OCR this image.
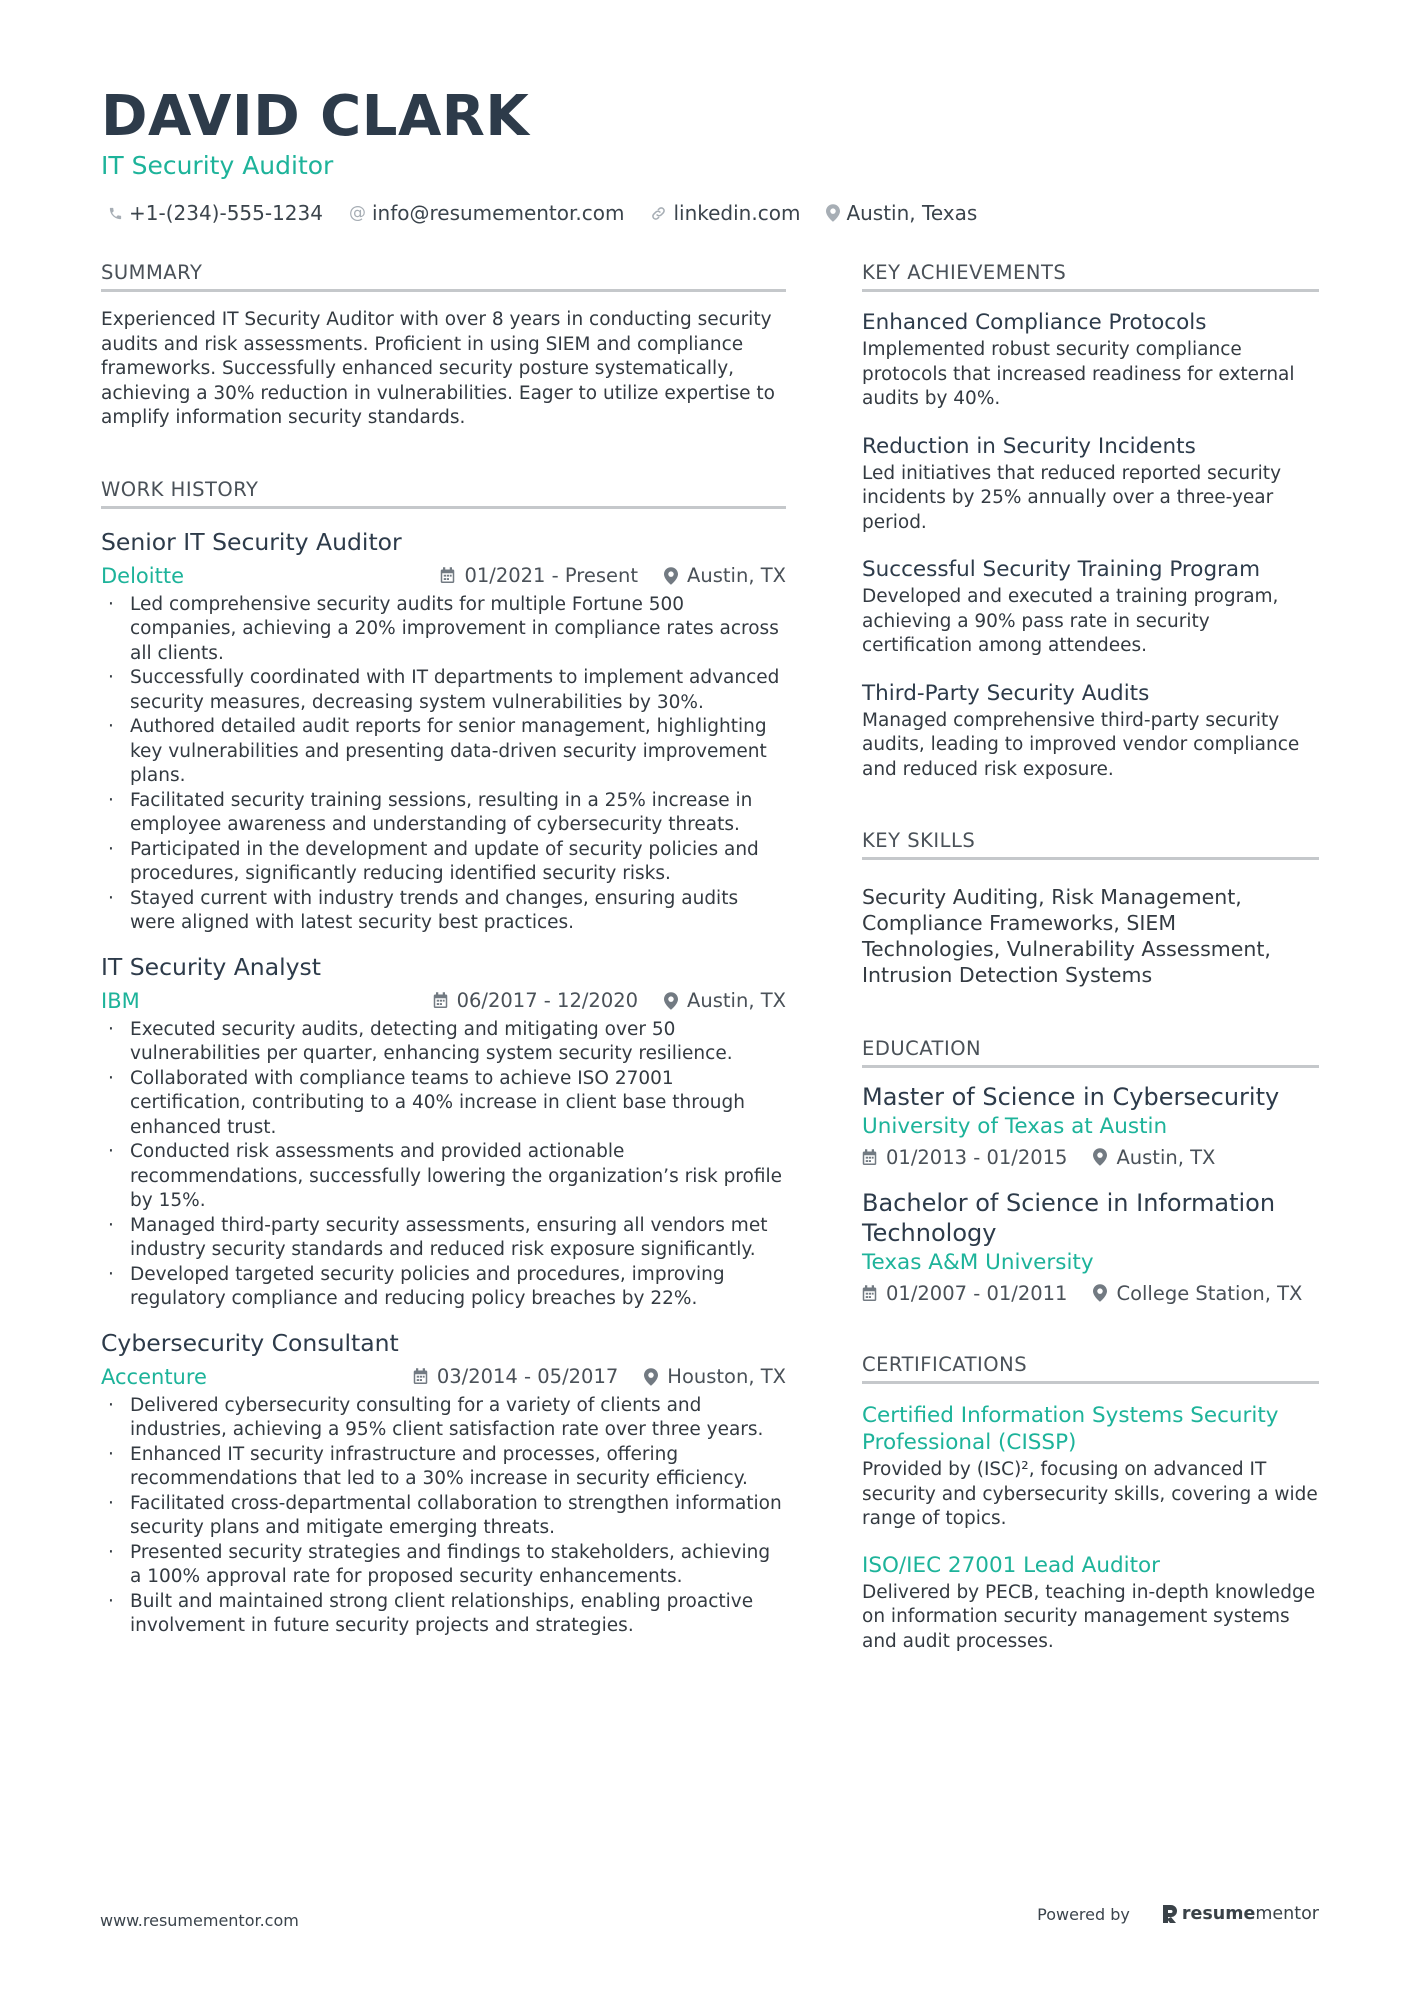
DAVID CLARK
IT Security Auditor
+1-(234)-555-1234 @ info@resumementor.com linkedin.com Austin, Texas
SUMMARY
Experienced IT Security Auditor with over 8 years in conducting security audits and risk assessments. Proficient in using SIEM and compliance frameworks. Successfully enhanced security posture systematically, achieving a 30% reduction in vulnerabilities. Eager to utilize expertise to amplify information security standards.
WORK HISTORY
Senior IT Security Auditor
Deloitte	01/2021 - Present	Austin, TX
· Led comprehensive security audits for multiple Fortune 500 companies, achieving a 20% improvement in compliance rates across all clients.
· Successfully coordinated with IT departments to implement advanced security measures, decreasing system vulnerabilities by 30%.
· Authored detailed audit reports for senior management, highlighting key vulnerabilities and presenting data-driven security improvement plans.
· Facilitated security training sessions, resulting in a 25% increase in employee awareness and understanding of cybersecurity threats.
· Participated in the development and update of security policies and procedures, significantly reducing identified security risks.
· Stayed current with industry trends and changes, ensuring audits were aligned with latest security best practices.
IT Security Analyst
IBM	06/2017 - 12/2020	Austin, TX
· Executed security audits, detecting and mitigating over 50 vulnerabilities per quarter, enhancing system security resilience.
· Collaborated with compliance teams to achieve ISO 27001 certification, contributing to a 40% increase in client base through enhanced trust.
· Conducted risk assessments and provided actionable recommendations, successfully lowering the organization’s risk profile by 15%.
· Managed third-party security assessments, ensuring all vendors met industry security standards and reduced risk exposure significantly.
· Developed targeted security policies and procedures, improving regulatory compliance and reducing policy breaches by 22%.
Cybersecurity Consultant
Accenture	03/2014 - 05/2017	Houston, TX
· Delivered cybersecurity consulting for a variety of clients and industries, achieving a 95% client satisfaction rate over three years.
· Enhanced IT security infrastructure and processes, offering recommendations that led to a 30% increase in security efficiency.
· Facilitated cross-departmental collaboration to strengthen information security plans and mitigate emerging threats.
· Presented security strategies and findings to stakeholders, achieving a 100% approval rate for proposed security enhancements.
· Built and maintained strong client relationships, enabling proactive involvement in future security projects and strategies.
KEY ACHIEVEMENTS
Enhanced Compliance Protocols
Implemented robust security compliance protocols that increased readiness for external audits by 40%.
Reduction in Security Incidents
Led initiatives that reduced reported security incidents by 25% annually over a three-year period.
Successful Security Training Program
Developed and executed a training program, achieving a 90% pass rate in security certification among attendees.
Third-Party Security Audits
Managed comprehensive third-party security audits, leading to improved vendor compliance and reduced risk exposure.
KEY SKILLS
Security Auditing, Risk Management, Compliance Frameworks, SIEM Technologies, Vulnerability Assessment, Intrusion Detection Systems
EDUCATION
Master of Science in Cybersecurity
University of Texas at Austin
01/2013 - 01/2015	Austin, TX
Bachelor of Science in Information Technology
Texas A&M University
01/2007 - 01/2011	College Station, TX
CERTIFICATIONS
Certified Information Systems Security Professional (CISSP)
Provided by (ISC)², focusing on advanced IT security and cybersecurity skills, covering a wide range of topics.
ISO/IEC 27001 Lead Auditor
Delivered by PECB, teaching in-depth knowledge on information security management systems and audit processes.
www.resumementor.com	Powered by	resumementor
